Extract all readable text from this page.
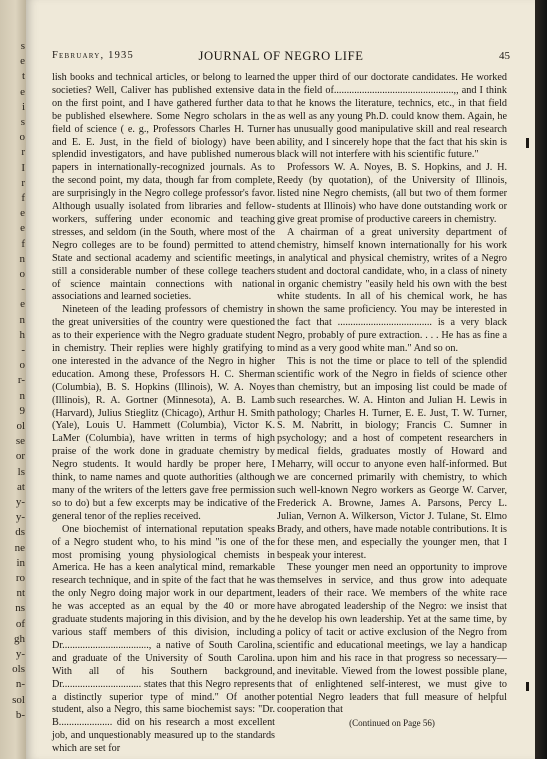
s
e
t
e
i
s
o
r
I
r
f
e
e
f
n
o
-
e
n
h
-
o
r-
n
9
ol
se
or
ls
at
y-
y-
ds
ne
in
ro
nt
ns
of
gh
y-
ols
n-
sol
b-
February, 1935	JOURNAL OF NEGRO LIFE	45

lish books and technical articles, or belong to learned societies? Well, Caliver has published extensive data on the first point, and I have gathered further data to be published elsewhere. Some Negro scholars in the field of science ( e. g., Professors Charles H. Turner and E. E. Just, in the field of biology) have been splendid investigators, and have published numerous papers in internationally-recognized journals. As to the second point, my data, though far from complete, are surprisingly in the Negro college professor's favor. Although usually isolated from libraries and fellow-workers, suffering under economic and teaching stresses, and seldom (in the South, where most of the Negro colleges are to be found) permitted to attend State and sectional academy and scientific meetings, still a considerable number of these college teachers of science maintain connections with national associations and learned societies.

Nineteen of the leading professors of chemistry in the great universities of the country were questioned as to their experience with the Negro graduate student in chemistry. Their replies were highly gratifying to one interested in the advance of the Negro in higher education. Among these, Professors H. C. Sherman (Columbia), B. S. Hopkins (Illinois), W. A. Noyes (Illinois), R. A. Gortner (Minnesota), A. B. Lamb (Harvard), Julius Stieglitz (Chicago), Arthur H. Smith (Yale), Louis U. Hammett (Columbia), Victor K. LaMer (Columbia), have written in terms of high praise of the work done in graduate chemistry by Negro students. It would hardly be proper here, I think, to name names and quote authorities (although many of the writers of the letters gave free permission so to do) but a few excerpts may be indicative of the general tenor of the replies received.

One biochemist of international reputation speaks of a Negro student who, to his mind "is one of the most promising young physiological chemists in America. He has a keen analytical mind, remarkable research technique, and in spite of the fact that he was the only Negro doing major work in our department, he was accepted as an equal by the 40 or more graduate students majoring in this division, and by the various staff members of this division, including Dr.................................., a native of South Carolina, and graduate of the University of South Carolina. With all of his Southern background, Dr............................... states that this Negro represents a distinctly superior type of mind." Of another student, also a Negro, this same biochemist says: "Dr. B..................... did on his research a most excellent job, and unquestionably measured up to the standards which are set for

the upper third of our doctorate candidates. He worked in the field of...............................................,, and I think that he knows the literature, technics, etc., in that field as well as any young Ph.D. could know them. Again, he has unusually good manipulative skill and real research ability, and I sincerely hope that the fact that his skin is black will not interfere with his scientific future."

Professors W. A. Noyes, B. S. Hopkins, and J. H. Reedy (by quotation), of the University of Illinois, listed nine Negro chemists, (all but two of them former students at Illinois) who have done outstanding work or give great promise of productive careers in chemistry.

A chairman of a great university department of chemistry, himself known internationally for his work in analytical and physical chemistry, writes of a Negro student and doctoral candidate, who, in a class of ninety in organic chemistry "easily held his own with the best white students. In all of his chemical work, he has shown the same proficiency. You may be interested in the fact that ..................................... is a very black Negro, probably of pure extraction. . . . He has as fine a mind as a very good white man." And so on.

This is not the time or place to tell of the splendid scientific work of the Negro in fields of science other than chemistry, but an imposing list could be made of such researches. W. A. Hinton and Julian H. Lewis in pathology; Charles H. Turner, E. E. Just, T. W. Turner, S. M. Nabritt, in biology; Francis C. Sumner in psychology; and a host of competent researchers in medical fields, graduates mostly of Howard and Meharry, will occur to anyone even half-informed. But we are concerned primarily with chemistry, to which such well-known Negro workers as George W. Carver, Frederick A. Browne, James A. Parsons, Percy L. Julian, Vernon A. Wilkerson, Victor J. Tulane, St. Elmo Brady, and others, have made notable contributions. It is for these men, and especially the younger men, that I bespeak your interest.

These younger men need an opportunity to improve themselves in service, and thus grow into adequate leaders of their race. We members of the white race have abrogated leadership of the Negro: we insist that he develop his own leadership. Yet at the same time, by a policy of tacit or active exclusion of the Negro from scientific and educational meetings, we lay a handicap upon him and his race in that progress so necessary—and inevitable. Viewed from the lowest possible plane, that of enlightened self-interest, we must give to potential Negro leaders that full measure of helpful cooperation that

(Continued on Page 56)
